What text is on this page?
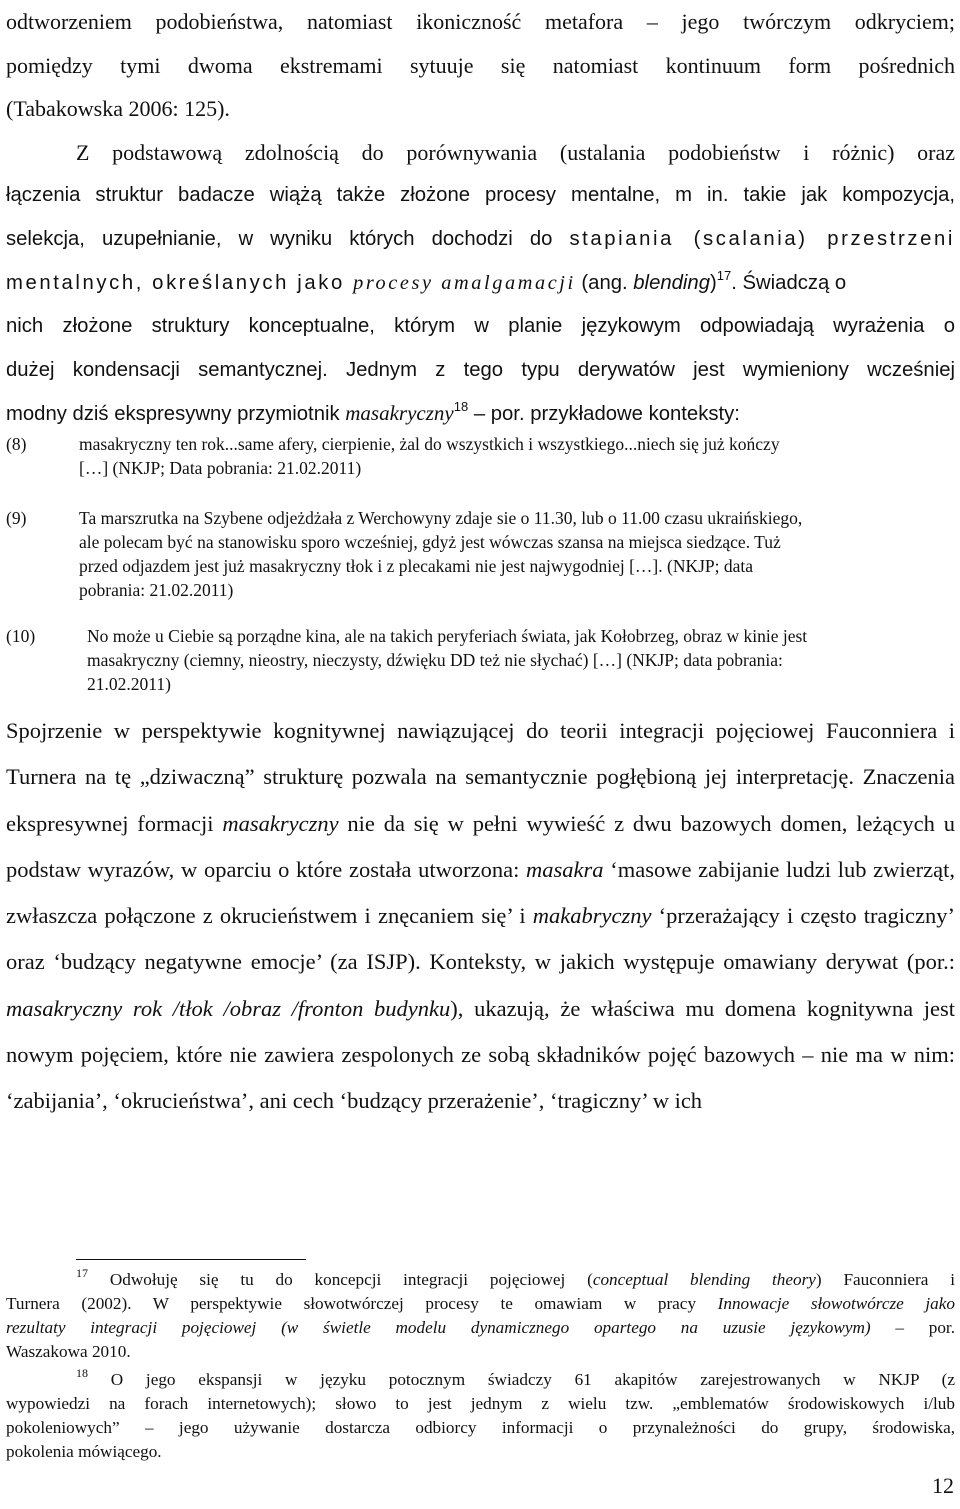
odtworzeniem podobieństwa, natomiast ikoniczność metafora – jego twórczym odkryciem;
pomiędzy tymi dwoma ekstremami sytuuje się natomiast kontinuum form pośrednich
(Tabakowska 2006: 125).
Z podstawową zdolnością do porównywania (ustalania podobieństw i różnic) oraz
łączenia struktur badacze wiążą także złożone procesy mentalne, m in. takie jak kompozycja,
selekcja, uzupełnianie, w wyniku których dochodzi do stapiania (scalania) przestrzeni
mentalnych, określanych jako procesy amalgamacji (ang. blending)$^{17}$. Świadczą o
nich złożone struktury konceptualne, którym w planie językowym odpowiadają wyrażenia o
dużej kondensacji semantycznej. Jednym z tego typu derywatów jest wymieniony wcześniej
modny dziś ekspresywny przymiotnik masakryczny$^{18}$ – por. przykładowe konteksty:
(8)	masakryczny ten rok...same afery, cierpienie, żal do wszystkich i wszystkiego...niech się już kończy
[…] (NKJP; Data pobrania: 21.02.2011)
(9)	Ta marszrutka na Szybene odjeżdżała z Werchowyny zdaje sie o 11.30, lub o 11.00 czasu ukraińskiego,
ale polecam być na stanowisku sporo wcześniej, gdyż jest wówczas szansa na miejsca siedzące. Tuż
przed odjazdem jest już masakryczny tłok i z plecakami nie jest najwygodniej […]. (NKJP; data
pobrania: 21.02.2011)
(10)	No może u Ciebie są porządne kina, ale na takich peryferiach świata, jak Kołobrzeg, obraz w kinie jest
masakryczny (ciemny, nieostry, nieczysty, dźwięku DD też nie słychać) […] (NKJP; data pobrania:
21.02.2011)

Spojrzenie w perspektywie kognitywnej nawiązującej do teorii integracji pojęciowej Fauconniera i Turnera na tę „dziwaczną” strukturę pozwala na semantycznie pogłębioną jej interpretację. Znaczenia ekspresywnej formacji masakryczny nie da się w pełni wywieść z dwu bazowych domen, leżących u podstaw wyrazów, w oparciu o które została utworzona: masakra ‘masowe zabijanie ludzi lub zwierząt, zwłaszcza połączone z okrucieństwem i znęcaniem się’ i makabryczny ‘przerażający i często tragiczny’ oraz ‘budzący negatywne emocje’ (za ISJP). Konteksty, w jakich występuje omawiany derywat (por.: masakryczny rok /tłok /obraz /fronton budynku), ukazują, że właściwa mu domena kognitywna jest nowym pojęciem, które nie zawiera zespolonych ze sobą składników pojęć bazowych – nie ma w nim: ‘zabijania’, ‘okrucieństwa’, ani cech ‘budzący przerażenie’, ‘tragiczny’ w ich

$^{17}$ Odwołuję się tu do koncepcji integracji pojęciowej (conceptual blending theory) Fauconniera i
Turnera (2002). W perspektywie słowotwórczej procesy te omawiam w pracy Innowacje słowotwórcze jako
rezultaty integracji pojęciowej (w świetle modelu dynamicznego opartego na uzusie językowym) – por.
Waszakowa 2010.
$^{18}$ O jego ekspansji w języku potocznym świadczy 61 akapitów zarejestrowanych w NKJP (z
wypowiedzi na forach internetowych); słowo to jest jednym z wielu tzw. „emblematów środowiskowych i/lub
pokoleniowych” – jego używanie dostarcza odbiorcy informacji o przynależności do grupy, środowiska,
pokolenia mówiącego.
12
